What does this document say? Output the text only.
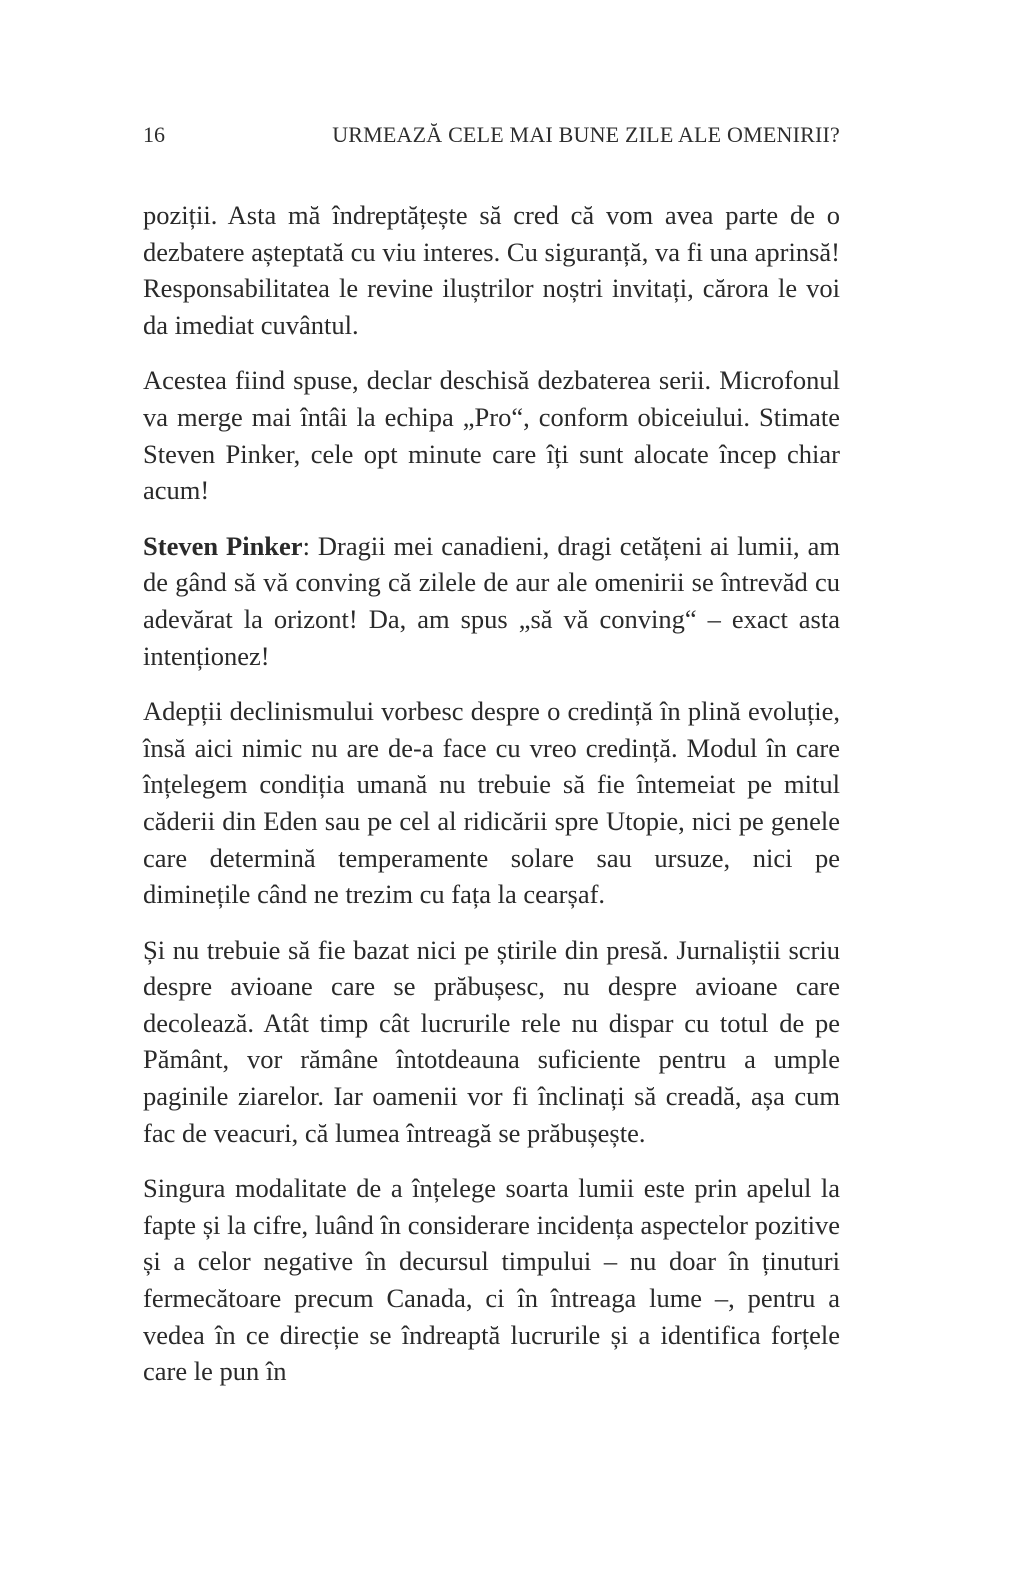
16	URMEAZĂ CELE MAI BUNE ZILE ALE OMENIRII?

poziții. Asta mă îndreptățește să cred că vom avea parte de o dezbatere așteptată cu viu interes. Cu siguranță, va fi una aprinsă! Responsabilitatea le revine iluștrilor noștri invitați, cărora le voi da imediat cuvântul.

Acestea fiind spuse, declar deschisă dezbaterea serii. Microfonul va merge mai întâi la echipa „Pro“, conform obiceiului. Stimate Steven Pinker, cele opt minute care îți sunt alocate încep chiar acum!

Steven Pinker: Dragii mei canadieni, dragi cetățeni ai lumii, am de gând să vă conving că zilele de aur ale omenirii se întrevăd cu adevărat la orizont! Da, am spus „să vă conving“ – exact asta intenționez!

Adepții declinismului vorbesc despre o credință în plină evoluție, însă aici nimic nu are de-a face cu vreo credință. Modul în care înțelegem condiția umană nu trebuie să fie întemeiat pe mitul căderii din Eden sau pe cel al ridicării spre Utopie, nici pe genele care determină temperamente solare sau ursuze, nici pe diminețile când ne trezim cu fața la cearșaf.

Și nu trebuie să fie bazat nici pe știrile din presă. Jurnaliștii scriu despre avioane care se prăbușesc, nu despre avioane care decolează. Atât timp cât lucrurile rele nu dispar cu totul de pe Pământ, vor rămâne întotdeauna suficiente pentru a umple paginile ziarelor. Iar oamenii vor fi înclinați să creadă, așa cum fac de veacuri, că lumea întreagă se prăbușește.

Singura modalitate de a înțelege soarta lumii este prin apelul la fapte și la cifre, luând în considerare incidența aspectelor pozitive și a celor negative în decursul timpului – nu doar în ținuturi fermecătoare precum Canada, ci în întreaga lume –, pentru a vedea în ce direcție se îndreaptă lucrurile și a identifica forțele care le pun în
